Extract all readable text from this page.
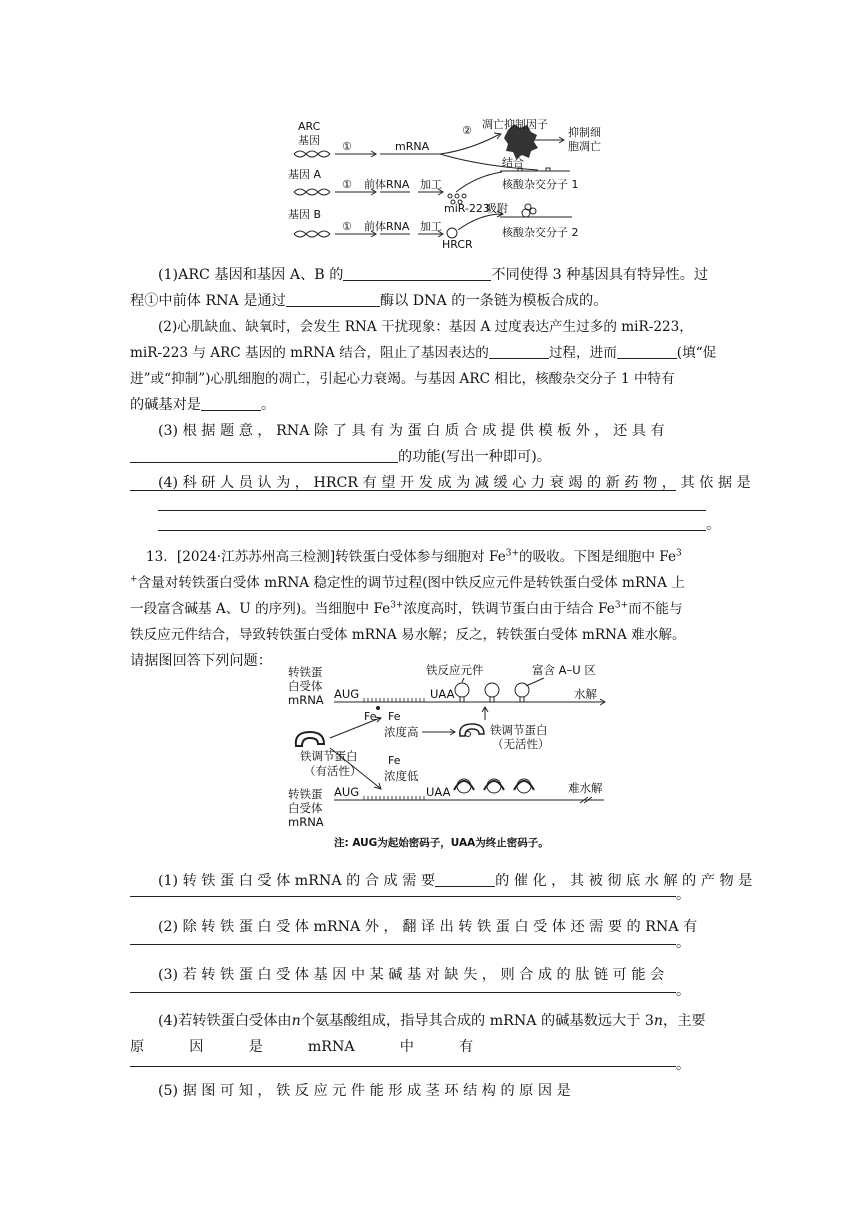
ARC
基因
基因 A
基因 B
①
①
①
mRNA
② 凋亡抑制因子
抑制细
胞凋亡
前体RNA 加工
结合
核酸杂交分子 1
miR-223
前体RNA 加工
HRCR
吸附
核酸杂交分子 2
(1)ARC 基因和基因 A、B 的	不同使得 3 种基因具有特异性。过
程①中前体 RNA 是通过	酶以 DNA 的一条链为模板合成的。
(2)心肌缺血、缺氧时，会发生 RNA 干扰现象：基因 A 过度表达产生过多的 miR-223，
miR-223 与 ARC 基因的 mRNA 结合，阻止了基因表达的	过程，进而	(填“促
进”或“抑制”)心肌细胞的凋亡，引起心力衰竭。与基因 ARC 相比，核酸杂交分子 1 中特有
的碱基对是	。
(3) 根 据 题 意 ， RNA 除 了 具 有 为 蛋 白 质 合 成 提 供 模 板 外 ， 还 具 有
的功能(写出一种即可)。
(4) 科 研 人 员 认 为 ， HRCR 有 望 开 发 成 为 减 缓 心 力 衰 竭 的 新 药 物 ， 其 依 据 是
。
13．[2024·江苏苏州高三检测]转铁蛋白受体参与细胞对 $Fe^{3+}$的吸收。下图是细胞中 Fe$^3$
+含量对转铁蛋白受体 mRNA 稳定性的调节过程(图中铁反应元件是转铁蛋白受体 mRNA 上
一段富含碱基 A、U 的序列)。当细胞中 $Fe^{3+}$浓度高时，铁调节蛋白由于结合 $Fe^{3+}$而不能与
铁反应元件结合，导致转铁蛋白受体 mRNA 易水解；反之，转铁蛋白受体 mRNA 难水解。
请据图回答下列问题：
转铁蛋
白受体
mRNA
铁反应元件	富含 A–U 区
AUG	UAA	水解
Fe Fe
浓度高
铁调节蛋白
（有活性）
铁调节蛋白
（无活性）
Fe
浓度低
转铁蛋
白受体
mRNA
AUG	UAA	难水解
注: AUG为起始密码子，UAA为终止密码子。
(1) 转 铁 蛋 白 受 体 mRNA 的 合 成 需 要	的 催 化 ， 其 被 彻 底 水 解 的 产 物 是
。
(2) 除 转 铁 蛋 白 受 体 mRNA 外 ， 翻 译 出 转 铁 蛋 白 受 体 还 需 要 的 RNA 有
。
(3) 若 转 铁 蛋 白 受 体 基 因 中 某 碱 基 对 缺 失 ， 则 合 成 的 肽 链 可 能 会
。
(4)若转铁蛋白受体由n个氨基酸组成，指导其合成的 mRNA 的碱基数远大于 3n，主要
原          因          是          mRNA          中          有
。
(5) 据 图 可 知 ， 铁 反 应 元 件 能 形 成 茎 环 结 构 的 原 因 是
